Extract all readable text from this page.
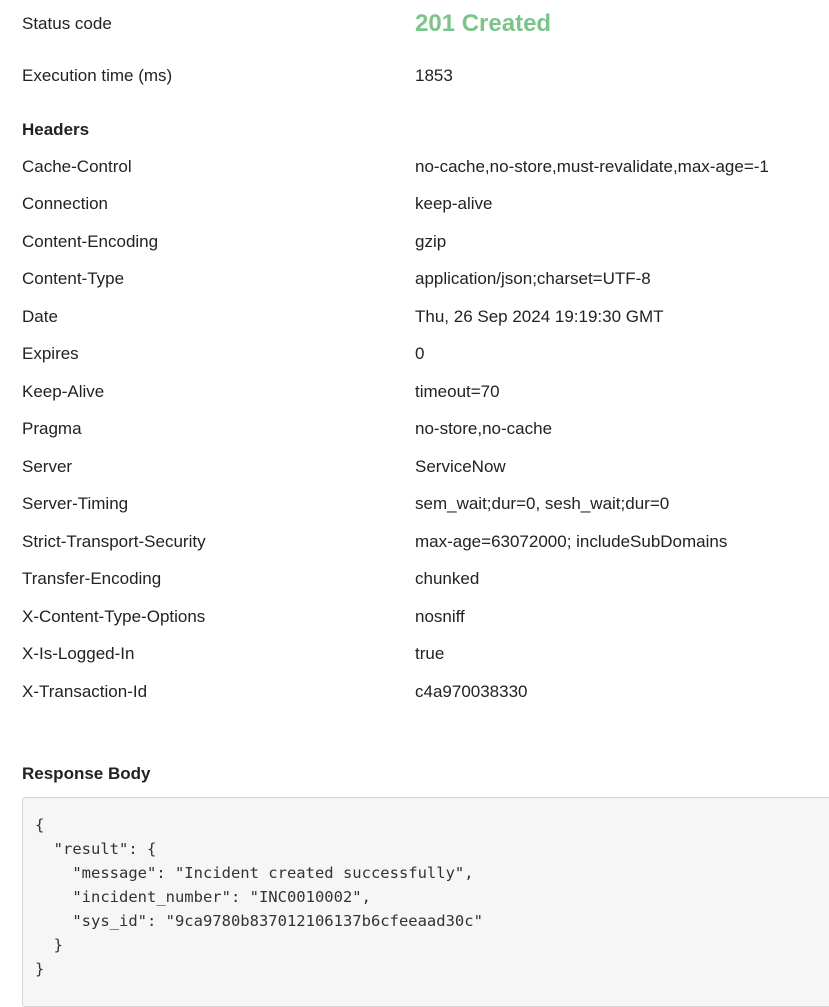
Status code	201 Created
Execution time (ms)	1853
Headers
Cache-Control	no-cache,no-store,must-revalidate,max-age=-1
Connection	keep-alive
Content-Encoding	gzip
Content-Type	application/json;charset=UTF-8
Date	Thu, 26 Sep 2024 19:19:30 GMT
Expires	0
Keep-Alive	timeout=70
Pragma	no-store,no-cache
Server	ServiceNow
Server-Timing	sem_wait;dur=0, sesh_wait;dur=0
Strict-Transport-Security	max-age=63072000; includeSubDomains
Transfer-Encoding	chunked
X-Content-Type-Options	nosniff
X-Is-Logged-In	true
X-Transaction-Id	c4a970038330
Response Body
{
"result": {
"message": "Incident created successfully",
"incident_number": "INC0010002",
"sys_id": "9ca9780b837012106137b6cfeeaad30c"
}
}
